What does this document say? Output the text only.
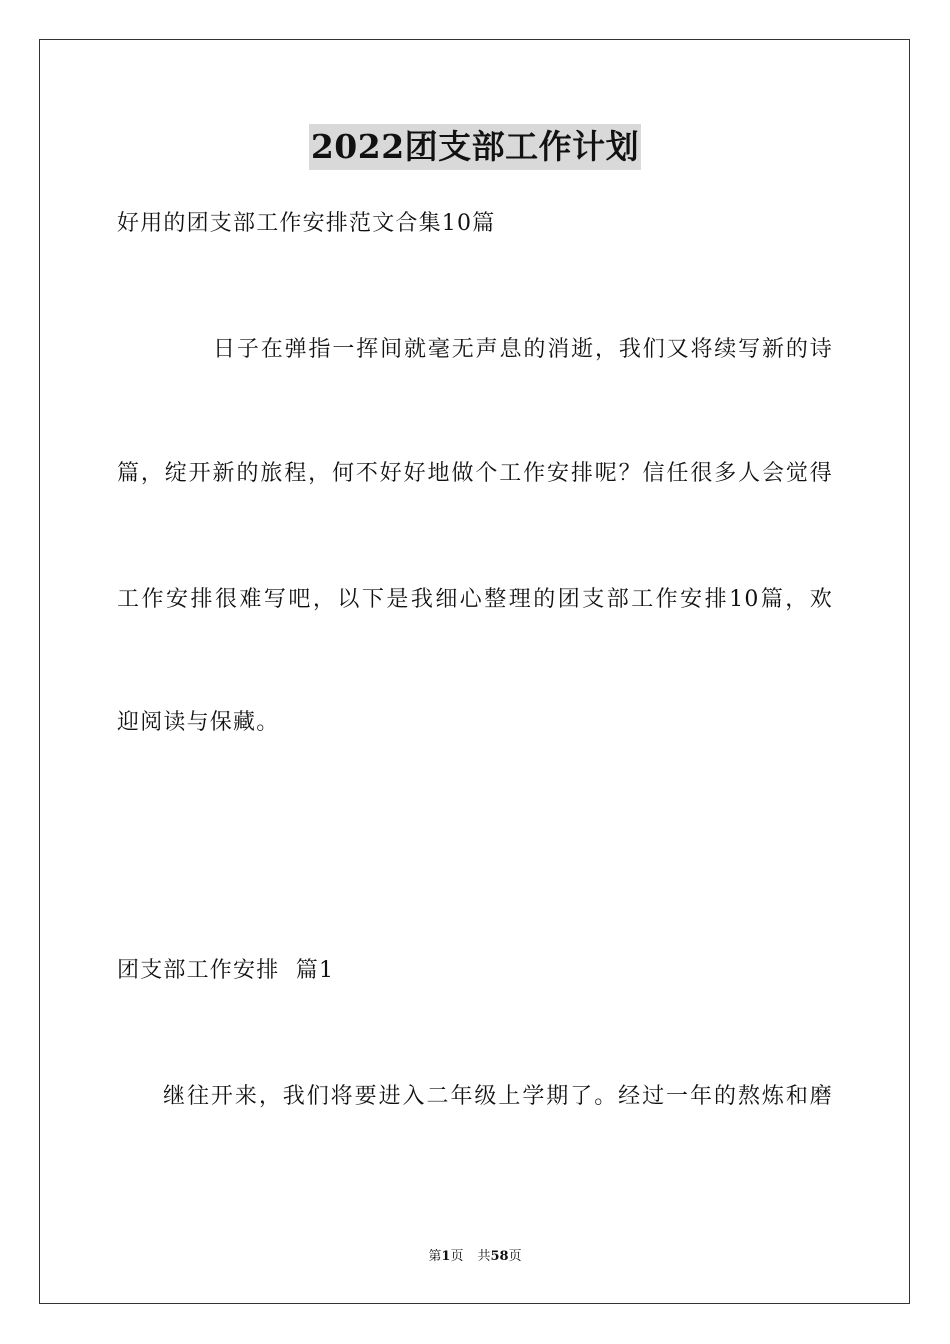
2022团支部工作计划
好用的团支部工作安排范文合集10篇
日子在弹指一挥间就毫无声息的消逝，我们又将续写新的诗
篇，绽开新的旅程，何不好好地做个工作安排呢？信任很多人会觉得
工作安排很难写吧，以下是我细心整理的团支部工作安排10篇，欢
迎阅读与保藏。
团支部工作安排  篇1
继往开来，我们将要进入二年级上学期了。经过一年的熬炼和磨
第1页 共58页
